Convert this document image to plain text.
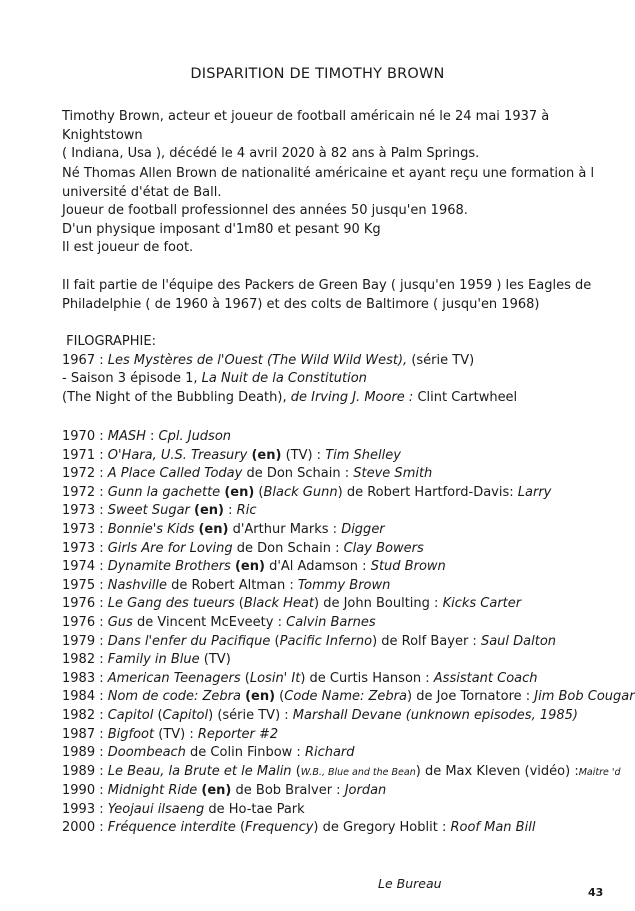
DISPARITION DE TIMOTHY BROWN
Timothy Brown, acteur et joueur de football américain né le 24 mai 1937 à Knightstown
( Indiana, Usa ), décédé le 4 avril 2020 à 82 ans à Palm Springs.
Né Thomas Allen Brown de nationalité américaine et ayant reçu une formation à l
université d'état de Ball.
Joueur de football professionnel des années 50 jusqu'en 1968.
D'un physique imposant d'1m80 et pesant 90 Kg
Il est joueur de foot.
Il fait partie de l'équipe des Packers de Green Bay ( jusqu'en 1959 ) les Eagles de
Philadelphie ( de 1960 à 1967) et des colts de Baltimore ( jusqu'en 1968)
FILOGRAPHIE:
1967 : Les Mystères de l'Ouest (The Wild Wild West), (série TV)
- Saison 3 épisode 1, La Nuit de la Constitution
(The Night of the Bubbling Death), de Irving J. Moore : Clint Cartwheel
1970 : MASH : Cpl. Judson
1971 : O'Hara, U.S. Treasury (en) (TV) : Tim Shelley
1972 : A Place Called Today de Don Schain : Steve Smith
1972 : Gunn la gachette (en) (Black Gunn) de Robert Hartford-Davis: Larry
1973 : Sweet Sugar (en) : Ric
1973 : Bonnie's Kids (en) d'Arthur Marks : Digger
1973 : Girls Are for Loving de Don Schain : Clay Bowers
1974 : Dynamite Brothers (en) d'Al Adamson : Stud Brown
1975 : Nashville de Robert Altman : Tommy Brown
1976 : Le Gang des tueurs (Black Heat) de John Boulting : Kicks Carter
1976 : Gus de Vincent McEveety : Calvin Barnes
1979 : Dans l'enfer du Pacifique (Pacific Inferno) de Rolf Bayer : Saul Dalton
1982 : Family in Blue (TV)
1983 : American Teenagers (Losin' It) de Curtis Hanson : Assistant Coach
1984 : Nom de code: Zebra (en) (Code Name: Zebra) de Joe Tornatore : Jim Bob Cougar
1982 : Capitol (Capitol) (série TV) : Marshall Devane (unknown episodes, 1985)
1987 : Bigfoot (TV) : Reporter #2
1989 : Doombeach de Colin Finbow : Richard
1989 : Le Beau, la Brute et le Malin (W.B., Blue and the Bean) de Max Kleven (vidéo) :Maitre 'd
1990 : Midnight Ride (en) de Bob Bralver : Jordan
1993 : Yeojaui ilsaeng de Ho-tae Park
2000 : Fréquence interdite (Frequency) de Gregory Hoblit : Roof Man Bill
Le Bureau
43
